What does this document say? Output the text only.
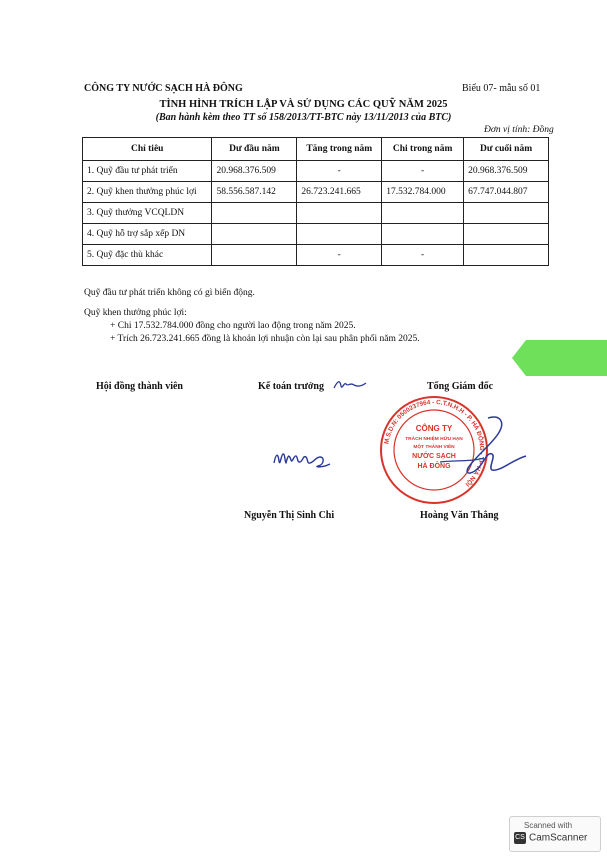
CÔNG TY NƯỚC SẠCH HÀ ĐÔNG	Biểu 07- mẫu số 01
TÌNH HÌNH TRÍCH LẬP VÀ SỬ DỤNG CÁC QUỸ NĂM 2025
(Ban hành kèm theo TT số 158/2013/TT-BTC này 13/11/2013 của BTC)
Đơn vị tính: Đồng
Chỉ tiêu	Dư đầu năm	Tăng trong năm	Chi trong năm	Dư cuối năm
1. Quỹ đầu tư phát triển	20.968.376.509	-	-	20.968.376.509
2. Quỹ khen thưởng phúc lợi	58.556.587.142	26.723.241.665	17.532.784.000	67.747.044.807
3. Quỹ thưởng VCQLDN				
4. Quỹ hỗ trợ sắp xếp DN				
5. Quỹ đặc thù khác		-	-	
Quỹ đầu tư phát triển không có gì biến động.
Quỹ khen thưởng phúc lợi:
+ Chi 17.532.784.000 đồng cho người lao động trong năm 2025.
+ Trích 26.723.241.665 đồng là khoản lợi nhuận còn lại sau phân phối năm 2025.
Hội đồng thành viên	Kế toán trưởng	Tổng Giám đốc
M.S.D.N: 0500237964 - C.T.N.H.H - P. HÀ ĐÔNG - TP HÀ NỘI
CÔNG TY
TRÁCH NHIỆM HỮU HẠN
MỘT THÀNH VIÊN
NƯỚC SẠCH
HÀ ĐÔNG
Nguyễn Thị Sinh Chi	Hoàng Văn Thắng
Scanned with
CS CamScanner
